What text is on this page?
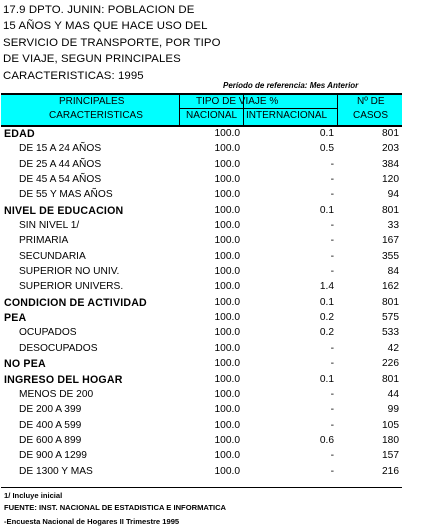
17.9 DPTO. JUNIN: POBLACION DE
15 AÑOS Y MAS QUE HACE USO DEL
SERVICIO DE TRANSPORTE, POR TIPO
DE VIAJE, SEGUN PRINCIPALES
CARACTERISTICAS: 1995
Período de referencia: Mes Anterior
PRINCIPALES
CARACTERISTICAS
TIPO DE VIAJE %
NACIONAL INTERNACIONAL
Nº DE
CASOS
EDAD	100.0	0.1	801
DE 15 A 24 AÑOS	100.0	0.5	203
DE 25 A 44 AÑOS	100.0	-	384
DE 45 A 54 AÑOS	100.0	-	120
DE 55 Y MAS AÑOS	100.0	-	94
NIVEL DE EDUCACION	100.0	0.1	801
SIN NIVEL 1/	100.0	-	33
PRIMARIA	100.0	-	167
SECUNDARIA	100.0	-	355
SUPERIOR NO UNIV.	100.0	-	84
SUPERIOR UNIVERS.	100.0	1.4	162
CONDICION DE ACTIVIDAD	100.0	0.1	801
PEA	100.0	0.2	575
OCUPADOS	100.0	0.2	533
DESOCUPADOS	100.0	-	42
NO PEA	100.0	-	226
INGRESO DEL HOGAR	100.0	0.1	801
MENOS DE 200	100.0	-	44
DE 200 A 399	100.0	-	99
DE 400 A 599	100.0	-	105
DE 600 A 899	100.0	0.6	180
DE 900 A 1299	100.0	-	157
DE 1300 Y MAS	100.0	-	216
1/ Incluye inicial
FUENTE: INST. NACIONAL DE ESTADISTICA E INFORMATICA
-Encuesta Nacional de Hogares II Trimestre 1995
